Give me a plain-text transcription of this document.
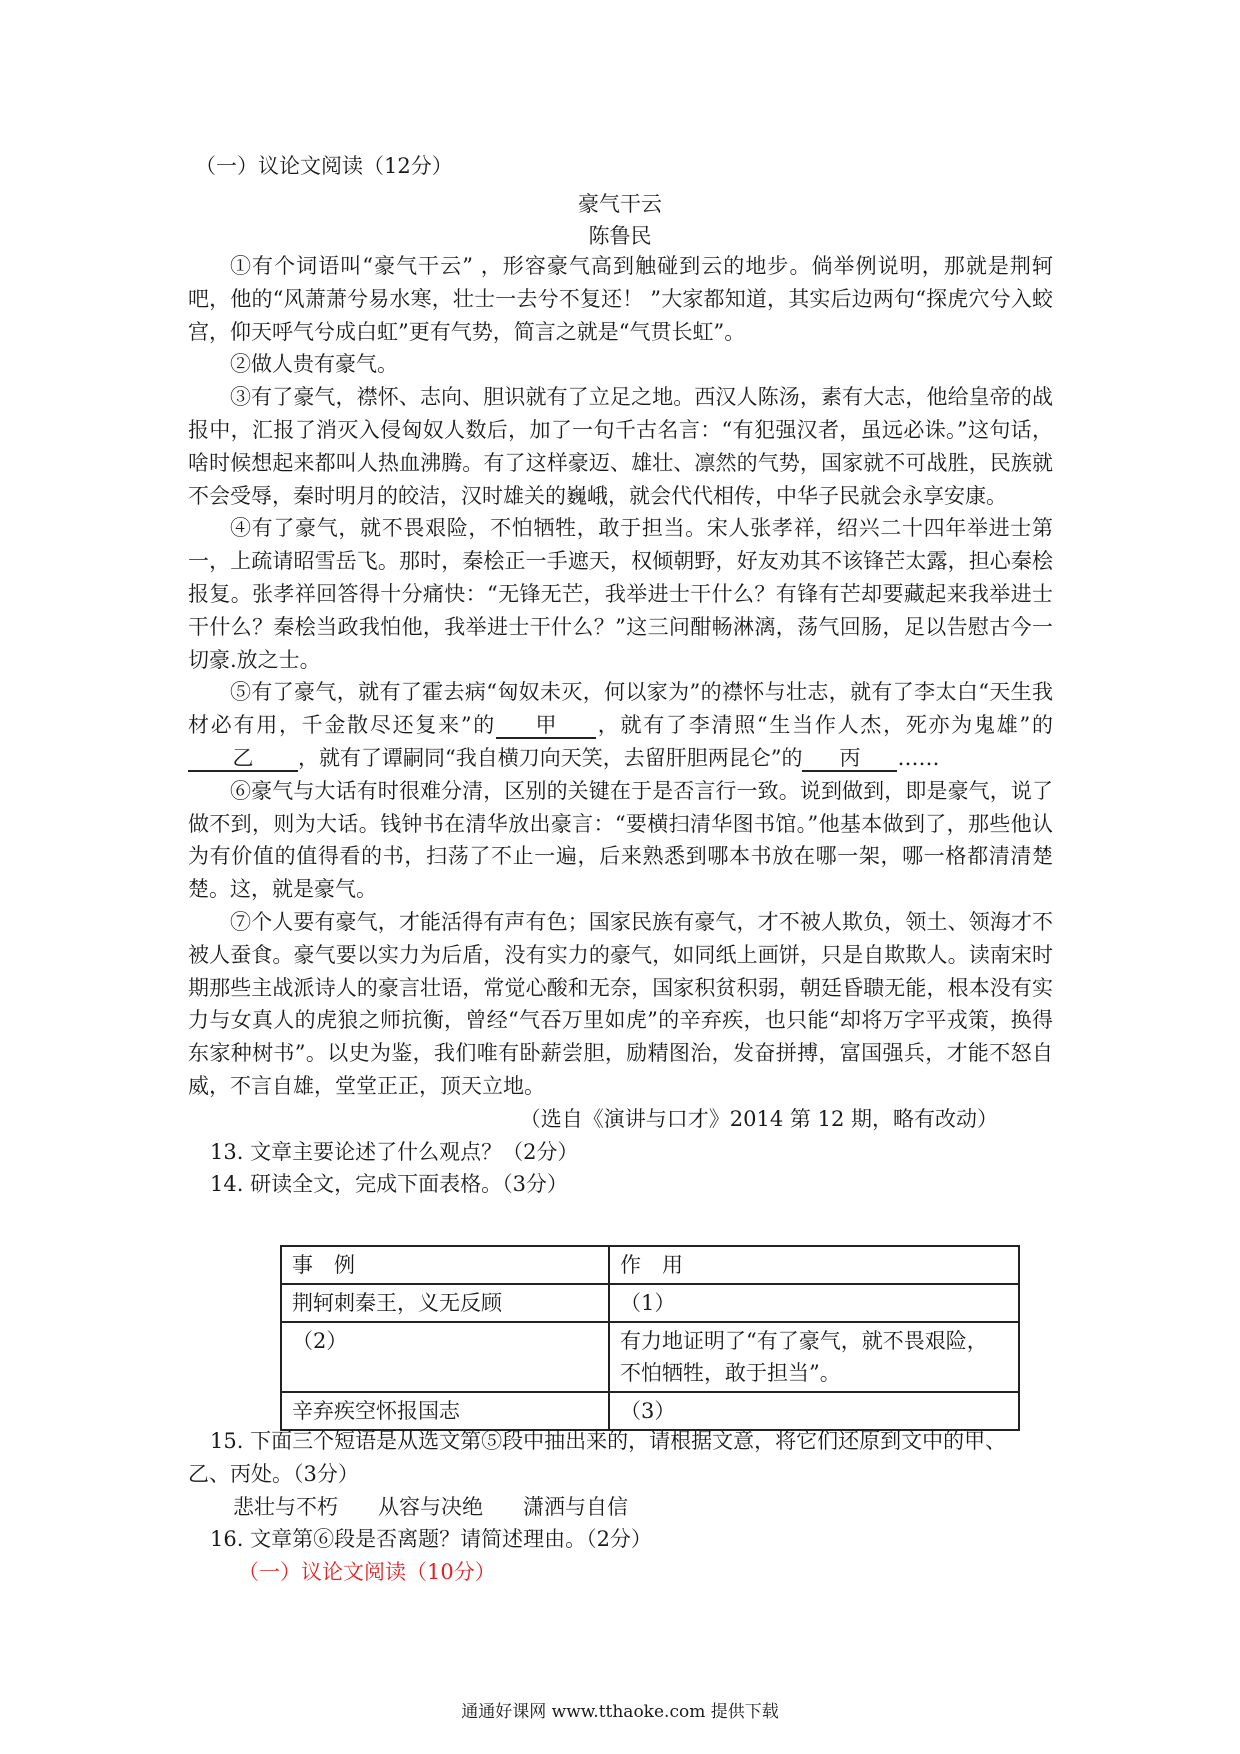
（一）议论文阅读（12分）
豪气干云
陈鲁民

①有个词语叫“豪气干云” ，形容豪气高到触碰到云的地步。倘举例说明，那就是荆轲吧，他的“风萧萧兮易水寒，壮士一去兮不复还！ ”大家都知道，其实后边两句“探虎穴兮入蛟宫，仰天呼气兮成白虹”更有气势，简言之就是“气贯长虹”。

②做人贵有豪气。

③有了豪气，襟怀、志向、胆识就有了立足之地。西汉人陈汤，素有大志，他给皇帝的战报中，汇报了消灭入侵匈奴人数后，加了一句千古名言：“有犯强汉者，虽远必诛。”这句话，啥时候想起来都叫人热血沸腾。有了这样豪迈、雄壮、凛然的气势，国家就不可战胜，民族就不会受辱，秦时明月的皎洁，汉时雄关的巍峨，就会代代相传，中华子民就会永享安康。

④有了豪气，就不畏艰险，不怕牺牲，敢于担当。宋人张孝祥，绍兴二十四年举进士第一，上疏请昭雪岳飞。那时，秦桧正一手遮天，权倾朝野，好友劝其不该锋芒太露，担心秦桧报复。张孝祥回答得十分痛快：“无锋无芒，我举进士干什么？有锋有芒却要藏起来我举进士干什么？秦桧当政我怕他，我举进士干什么？”这三问酣畅淋漓，荡气回肠，足以告慰古今一切豪.放之士。

⑤有了豪气，就有了霍去病“匈奴未灭，何以家为”的襟怀与壮志，就有了李太白“天生我材必有用，千金散尽还复来”的 甲 ，就有了李清照“生当作人杰，死亦为鬼雄”的乙 ，就有了谭嗣同“我自横刀向天笑，去留肝胆两昆仑”的 丙 ……

⑥豪气与大话有时很难分清，区别的关键在于是否言行一致。说到做到，即是豪气，说了做不到，则为大话。钱钟书在清华放出豪言：“要横扫清华图书馆。”他基本做到了，那些他认为有价值的值得看的书，扫荡了不止一遍，后来熟悉到哪本书放在哪一架，哪一格都清清楚楚。这，就是豪气。

⑦个人要有豪气，才能活得有声有色；国家民族有豪气，才不被人欺负，领土、领海才不被人蚕食。豪气要以实力为后盾，没有实力的豪气，如同纸上画饼，只是自欺欺人。读南宋时期那些主战派诗人的豪言壮语，常觉心酸和无奈，国家积贫积弱，朝廷昏聩无能，根本没有实力与女真人的虎狼之师抗衡，曾经“气吞万里如虎”的辛弃疾，也只能“却将万字平戎策，换得东家种树书”。以史为鉴，我们唯有卧薪尝胆，励精图治，发奋拼搏，富国强兵，才能不怒自威，不言自雄，堂堂正正，顶天立地。

（选自《演讲与口才》2014 第 12 期，略有改动）

13. 文章主要论述了什么观点？（2分）

14. 研读全文，完成下面表格。（3分）

事　例	作　用
荆轲刺秦王，义无反顾	（1）
（2）	有力地证明了“有了豪气，就不畏艰险，不怕牺牲，敢于担当”。
辛弃疾空怀报国志	（3）

15. 下面三个短语是从选文第⑤段中抽出来的，请根据文意，将它们还原到文中的甲、

乙、丙处。（3分）

悲壮与不朽 从容与决绝 潇洒与自信

16. 文章第⑥段是否离题？请简述理由。（2分）

（一）议论文阅读（10分）

通通好课网 www.tthaoke.com 提供下载
